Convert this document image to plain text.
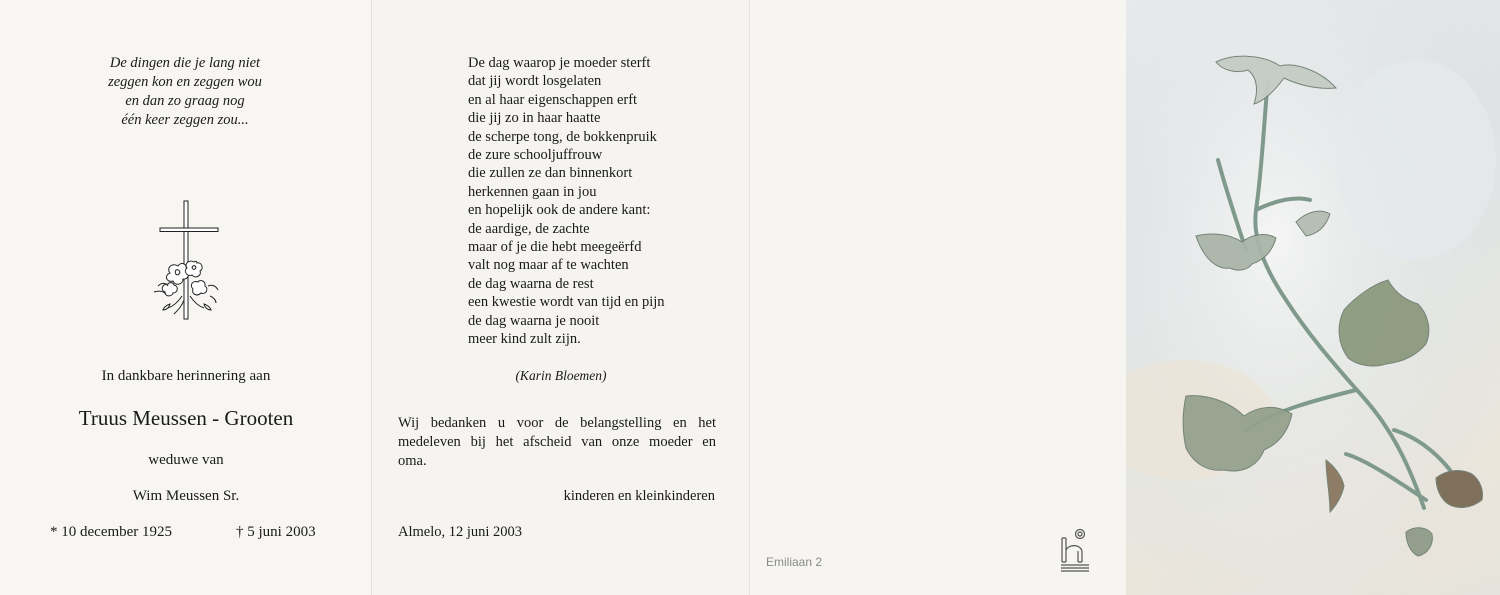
De dingen die je lang niet
zeggen kon en zeggen wou
en dan zo graag nog
één keer zeggen zou...
In dankbare herinnering aan
Truus Meussen - Grooten
weduwe van
Wim Meussen Sr.
* 10 december 1925	† 5 juni 2003
De dag waarop je moeder sterft
dat jij wordt losgelaten
en al haar eigenschappen erft
die jij zo in haar haatte
de scherpe tong, de bokkenpruik
de zure schooljuffrouw
die zullen ze dan binnenkort
herkennen gaan in jou
en hopelijk ook de andere kant:
de aardige, de zachte
maar of je die hebt meegeërfd
valt nog maar af te wachten
de dag waarna de rest
een kwestie wordt van tijd en pijn
de dag waarna je nooit
meer kind zult zijn.
(Karin Bloemen)
Wij bedanken u voor de belangstelling en het
medeleven bij het afscheid van onze moeder en
oma.
kinderen en kleinkinderen
Almelo, 12 juni 2003
Emiliaan 2
